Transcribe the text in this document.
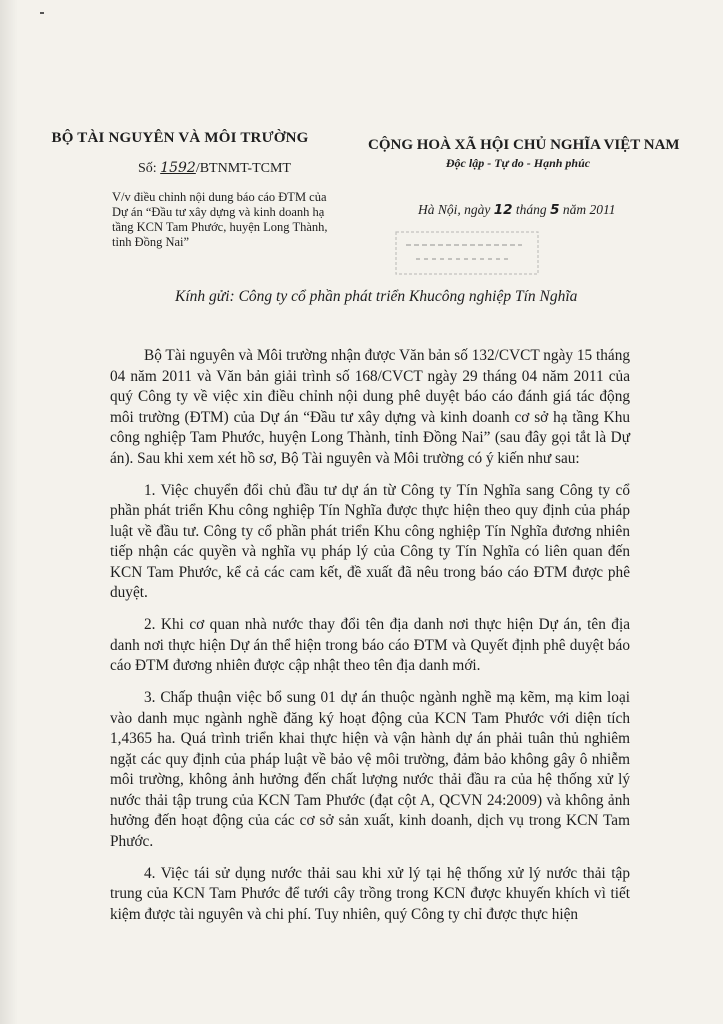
BỘ TÀI NGUYÊN VÀ MÔI TRƯỜNG
Số: 1592/BTNMT-TCMT
V/v điều chỉnh nội dung báo cáo ĐTM của
Dự án “Đầu tư xây dựng và kinh doanh hạ
tầng KCN Tam Phước, huyện Long Thành,
tỉnh Đồng Nai”
CỘNG HOÀ XÃ HỘI CHỦ NGHĨA VIỆT NAM
Độc lập - Tự do - Hạnh phúc
Hà Nội, ngày 12 tháng 5 năm 2011
Kính gửi: Công ty cổ phần phát triển Khucông nghiệp Tín Nghĩa

Bộ Tài nguyên và Môi trường nhận được Văn bản số 132/CVCT ngày 15 tháng 04 năm 2011 và Văn bản giải trình số 168/CVCT ngày 29 tháng 04 năm 2011 của quý Công ty về việc xin điều chỉnh nội dung phê duyệt báo cáo đánh giá tác động môi trường (ĐTM) của Dự án “Đầu tư xây dựng và kinh doanh cơ sở hạ tầng Khu công nghiệp Tam Phước, huyện Long Thành, tỉnh Đồng Nai” (sau đây gọi tắt là Dự án). Sau khi xem xét hồ sơ, Bộ Tài nguyên và Môi trường có ý kiến như sau:

1. Việc chuyển đổi chủ đầu tư dự án từ Công ty Tín Nghĩa sang Công ty cổ phần phát triển Khu công nghiệp Tín Nghĩa được thực hiện theo quy định của pháp luật về đầu tư. Công ty cổ phần phát triển Khu công nghiệp Tín Nghĩa đương nhiên tiếp nhận các quyền và nghĩa vụ pháp lý của Công ty Tín Nghĩa có liên quan đến KCN Tam Phước, kể cả các cam kết, đề xuất đã nêu trong báo cáo ĐTM được phê duyệt.

2. Khi cơ quan nhà nước thay đổi tên địa danh nơi thực hiện Dự án, tên địa danh nơi thực hiện Dự án thể hiện trong báo cáo ĐTM và Quyết định phê duyệt báo cáo ĐTM đương nhiên được cập nhật theo tên địa danh mới.

3. Chấp thuận việc bổ sung 01 dự án thuộc ngành nghề mạ kẽm, mạ kim loại vào danh mục ngành nghề đăng ký hoạt động của KCN Tam Phước với diện tích 1,4365 ha. Quá trình triển khai thực hiện và vận hành dự án phải tuân thủ nghiêm ngặt các quy định của pháp luật về bảo vệ môi trường, đảm bảo không gây ô nhiễm môi trường, không ảnh hưởng đến chất lượng nước thải đầu ra của hệ thống xử lý nước thải tập trung của KCN Tam Phước (đạt cột A, QCVN 24:2009) và không ảnh hưởng đến hoạt động của các cơ sở sản xuất, kinh doanh, dịch vụ trong KCN Tam Phước.

4. Việc tái sử dụng nước thải sau khi xử lý tại hệ thống xử lý nước thải tập trung của KCN Tam Phước để tưới cây trồng trong KCN được khuyến khích vì tiết kiệm được tài nguyên và chi phí. Tuy nhiên, quý Công ty chỉ được thực hiện
